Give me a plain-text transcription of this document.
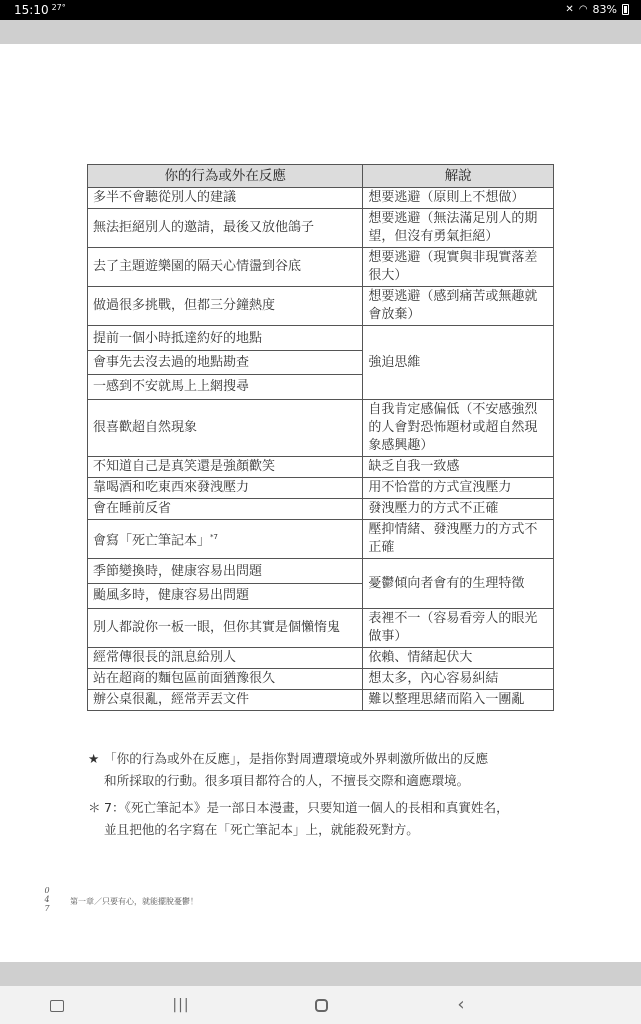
15:10 $^{27^\circ}$	✕ ◠ 83%
你的行為或外在反應	解說
多半不會聽從別人的建議	想要逃避（原則上不想做）
無法拒絕別人的邀請，最後又放他鴿子	想要逃避（無法滿足別人的期望，但沒有勇氣拒絕）
去了主題遊樂園的隔天心情盪到谷底	想要逃避（現實與非現實落差很大）
做過很多挑戰，但都三分鐘熱度	想要逃避（感到痛苦或無趣就會放棄）

提前一個小時抵達約好的地點
會事先去沒去過的地點勘查
一感到不安就馬上上網搜尋	強迫思維
很喜歡超自然現象	自我肯定感偏低（不安感強烈的人會對恐怖題材或超自然現象感興趣）
不知道自己是真笑還是強顏歡笑	缺乏自我一致感
靠喝酒和吃東西來發洩壓力	用不恰當的方式宣洩壓力
會在睡前反省	發洩壓力的方式不正確
會寫「死亡筆記本」$^{*7}$	壓抑情緒、發洩壓力的方式不正確

季節變換時，健康容易出問題
颱風多時，健康容易出問題	憂鬱傾向者會有的生理特徵
別人都說你一板一眼，但你其實是個懶惰鬼	表裡不一（容易看旁人的眼光做事）
經常傳很長的訊息給別人	依賴、情緒起伏大
站在超商的麵包區前面猶豫很久	想太多，內心容易糾結
辦公桌很亂，經常弄丟文件	難以整理思緒而陷入一團亂
★ 「你的行為或外在反應」，是指你對周遭環境或外界刺激所做出的反應
和所採取的行動。很多項目都符合的人，不擅長交際和適應環境。
＊ 7：《死亡筆記本》是一部日本漫畫，只要知道一個人的長相和真實姓名，
並且把他的名字寫在「死亡筆記本」上，就能殺死對方。
0
4
7
第一章／只要有心，就能擺脫憂鬱！
|||	‹
